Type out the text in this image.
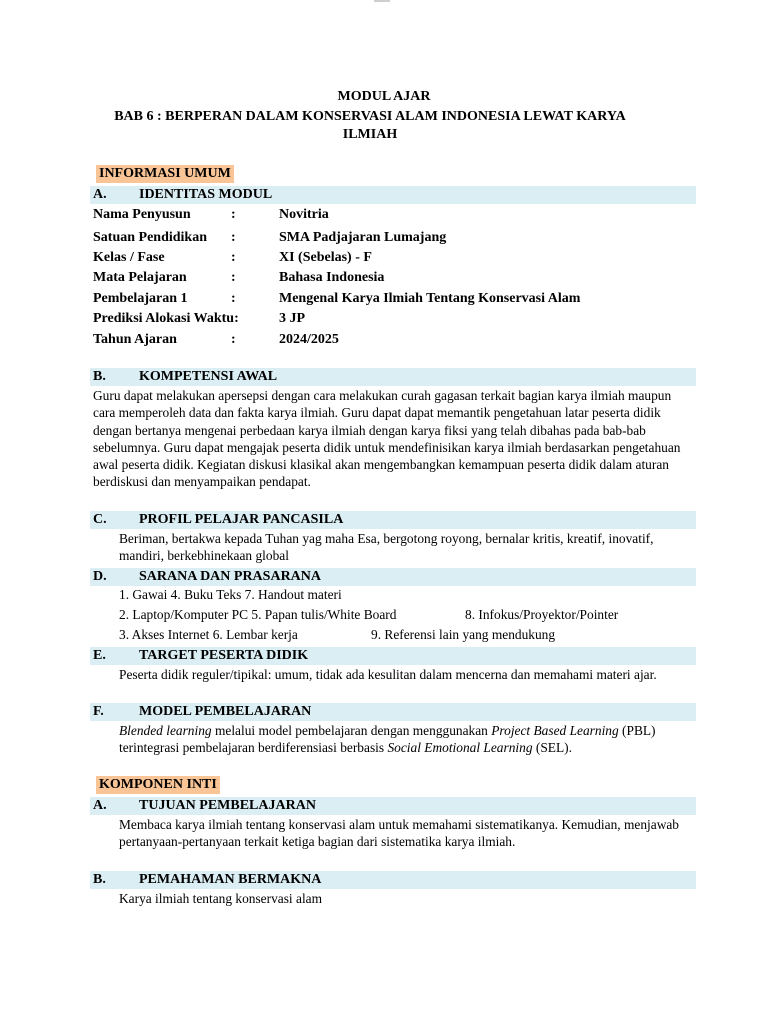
MODUL AJAR
BAB 6 : BERPERAN DALAM KONSERVASI ALAM INDONESIA LEWAT KARYA ILMIAH
INFORMASI UMUM
A. IDENTITAS MODUL
Nama Penyusun	:	Novitria
Satuan Pendidikan :	SMA Padjajaran Lumajang
Kelas / Fase	:	XI (Sebelas) - F
Mata Pelajaran	:	Bahasa Indonesia
Pembelajaran 1	:	Mengenal Karya Ilmiah Tentang Konservasi Alam
Prediksi Alokasi Waktu:	3 JP
Tahun Ajaran	:	2024/2025
B. KOMPETENSI AWAL
Guru dapat melakukan apersepsi dengan cara melakukan curah gagasan terkait bagian karya ilmiah maupun cara memperoleh data dan fakta karya ilmiah. Guru dapat dapat memantik pengetahuan latar peserta didik dengan bertanya mengenai perbedaan karya ilmiah dengan karya fiksi yang telah dibahas pada bab-bab sebelumnya. Guru dapat mengajak peserta didik untuk mendefinisikan karya ilmiah berdasarkan pengetahuan awal peserta didik. Kegiatan diskusi klasikal akan mengembangkan kemampuan peserta didik dalam aturan berdiskusi dan menyampaikan pendapat.
C. PROFIL PELAJAR PANCASILA
Beriman, bertakwa kepada Tuhan yag maha Esa, bergotong royong, bernalar kritis, kreatif, inovatif, mandiri, berkebhinekaan global
D. SARANA DAN PRASARANA
1. Gawai 4. Buku Teks 7. Handout materi
2. Laptop/Komputer PC 5. Papan tulis/White Board	8. Infokus/Proyektor/Pointer
3. Akses Internet 6. Lembar kerja	9. Referensi lain yang mendukung
E. TARGET PESERTA DIDIK
Peserta didik reguler/tipikal: umum, tidak ada kesulitan dalam mencerna dan memahami materi ajar.
F.	MODEL PEMBELAJARAN
Blended learning melalui model pembelajaran dengan menggunakan Project Based Learning (PBL) terintegrasi pembelajaran berdiferensiasi berbasis Social Emotional Learning (SEL).
KOMPONEN INTI
A. TUJUAN PEMBELAJARAN
Membaca karya ilmiah tentang konservasi alam untuk memahami sistematikanya. Kemudian, menjawab pertanyaan-pertanyaan terkait ketiga bagian dari sistematika karya ilmiah.
B. PEMAHAMAN BERMAKNA
Karya ilmiah tentang konservasi alam
